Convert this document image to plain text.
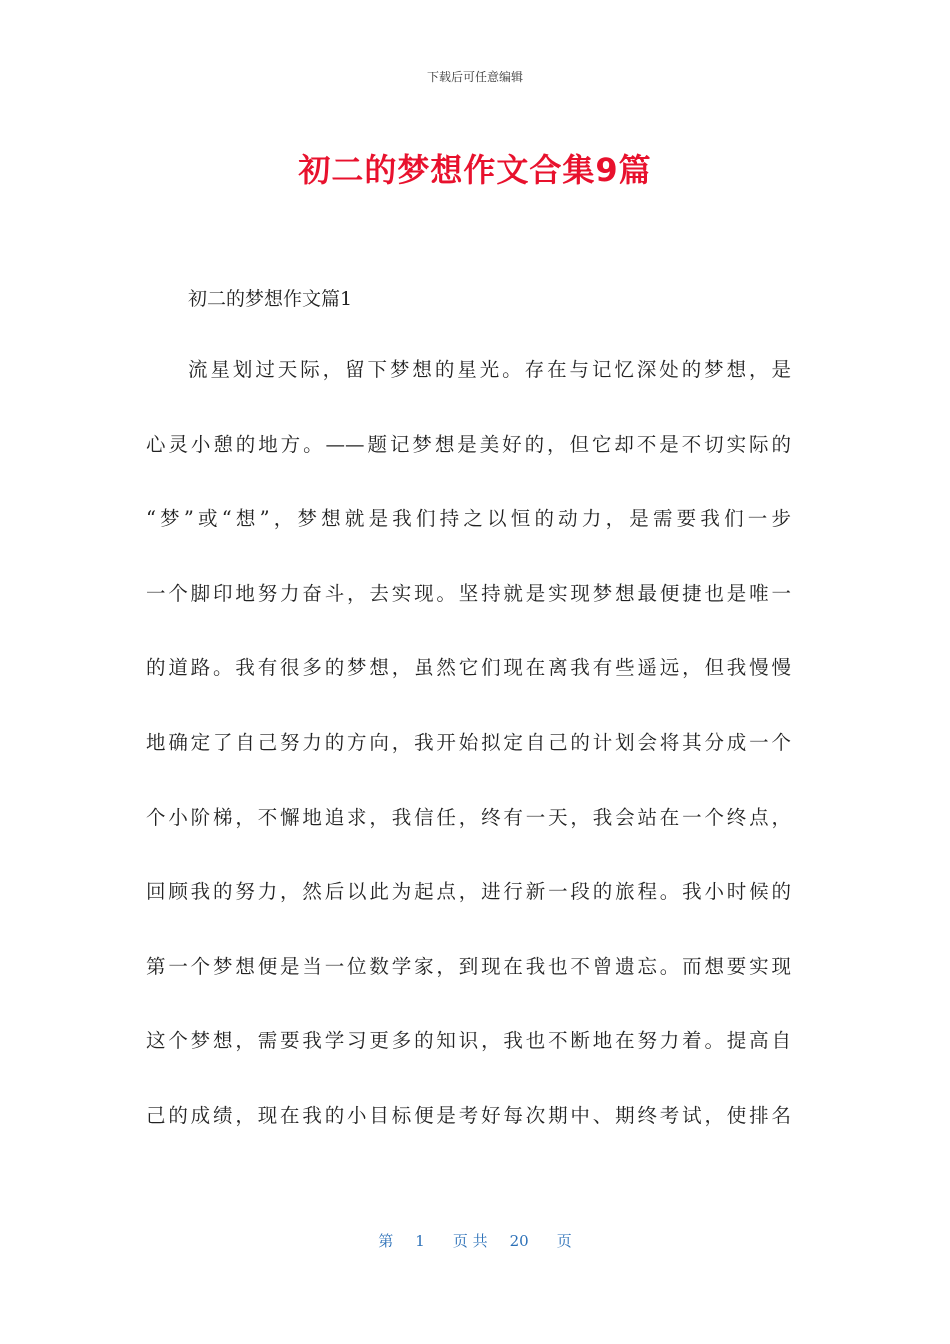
下载后可任意编辑
初二的梦想作文合集9篇
初二的梦想作文篇1
流星划过天际，留下梦想的星光。存在与记忆深处的梦想，是
心灵小憩的地方。——题记梦想是美好的，但它却不是不切实际的
“梦”或“想”，梦想就是我们持之以恒的动力，是需要我们一步
一个脚印地努力奋斗，去实现。坚持就是实现梦想最便捷也是唯一
的道路。我有很多的梦想，虽然它们现在离我有些遥远，但我慢慢
地确定了自己努力的方向，我开始拟定自己的计划会将其分成一个
个小阶梯，不懈地追求，我信任，终有一天，我会站在一个终点，
回顾我的努力，然后以此为起点，进行新一段的旅程。我小时候的
第一个梦想便是当一位数学家，到现在我也不曾遗忘。而想要实现
这个梦想，需要我学习更多的知识，我也不断地在努力着。提高自
己的成绩，现在我的小目标便是考好每次期中、期终考试，使排名
第 1 页 共 20 页
